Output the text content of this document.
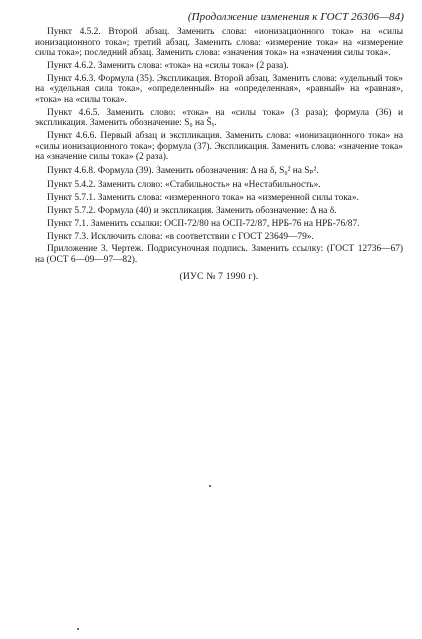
(Продолжение изменения к ГОСТ 26306—84)

Пункт 4.5.2. Второй абзац. Заменить слова: «ионизационного тока» на «силы ионизационного тока»; третий абзац. Заменить слова: «измерение тока» на «измерение силы тока»; последний абзац. Заменить слова: «значения тока» на «значения силы тока».

Пункт 4.6.2. Заменить слова: «тока» на «силы тока» (2 раза).

Пункт 4.6.3. Формула (35). Экспликация. Второй абзац. Заменить слова: «удельный ток» на «удельная сила тока», «определенный» на «определенная», «равный» на «равная», «тока» на «силы тока».

Пункт 4.6.5. Заменить слово: «тока» на «силы тока» (3 раза); формула (36) и экспликация. Заменить обозначение: S₀ на S̄ᵧ.

Пункт 4.6.6. Первый абзац и экспликация. Заменить слова: «ионизационного тока» на «силы ионизационного тока»; формула (37). Экспликация. Заменить слова: «значение тока» на «значение силы тока» (2 раза).

Пункт 4.6.8. Формула (39). Заменить обозначения: Δ на δ, S₀² на Sₚ².

Пункт 5.4.2. Заменить слово: «Стабильность» на «Нестабильность».

Пункт 5.7.1. Заменить слова: «измеренного тока» на «измеренной силы тока».

Пункт 5.7.2. Формула (40) и экспликация. Заменить обозначение: Δ на δ.

Пункт 7.1. Заменить ссылки: ОСП-72/80 на ОСП-72/87, НРБ-76 на НРБ-76/87.

Пункт 7.3. Исключить слова: «в соответствии с ГОСТ 23649—79».

Приложение 3. Чертеж. Подрисуночная подпись. Заменить ссылку: (ГОСТ 12736—67) на (ОСТ 6—09—97—82).

(ИУС № 7 1990 г).
